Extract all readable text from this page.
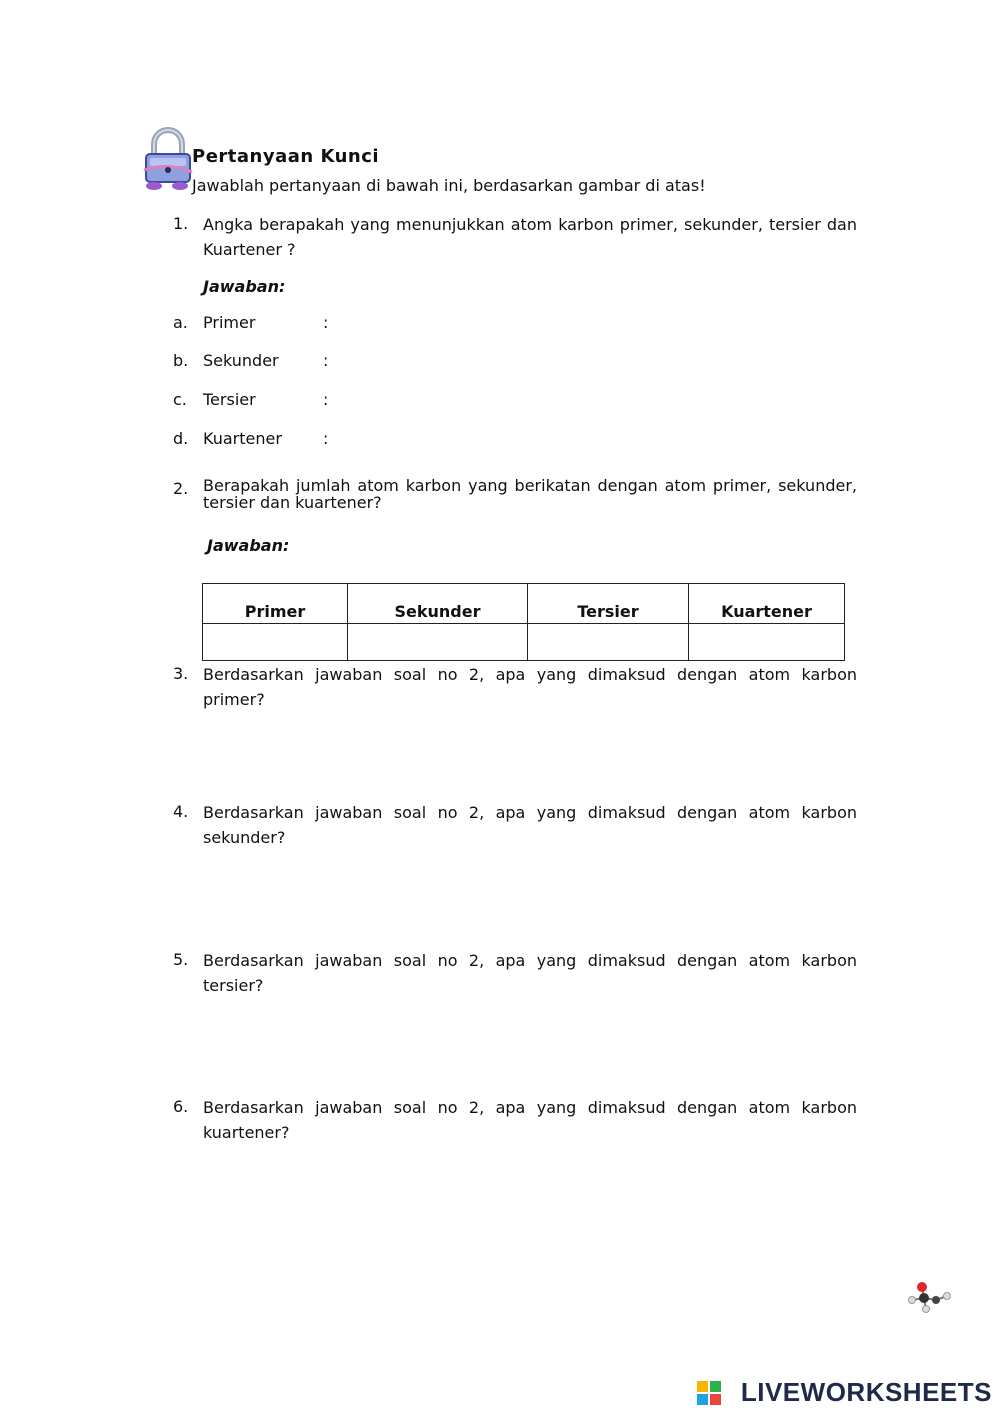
Pertanyaan Kunci
Jawablah pertanyaan di bawah ini, berdasarkan gambar di atas!
1. Angka berapakah yang menunjukkan atom karbon primer, sekunder, tersier dan Kuartener ?
Jawaban:
a. Primer	:
b. Sekunder	:
c. Tersier	:
d. Kuartener	:
2. Berapakah jumlah atom karbon yang berikatan dengan atom primer, sekunder, tersier dan kuartener?
Jawaban:
Primer	Sekunder	Tersier	Kuartener

3. Berdasarkan jawaban soal no 2, apa yang dimaksud dengan atom karbon primer?
4. Berdasarkan jawaban soal no 2, apa yang dimaksud dengan atom karbon sekunder?
5. Berdasarkan jawaban soal no 2, apa yang dimaksud dengan atom karbon tersier?
6. Berdasarkan jawaban soal no 2, apa yang dimaksud dengan atom karbon kuartener?
LIVEWORKSHEETS
